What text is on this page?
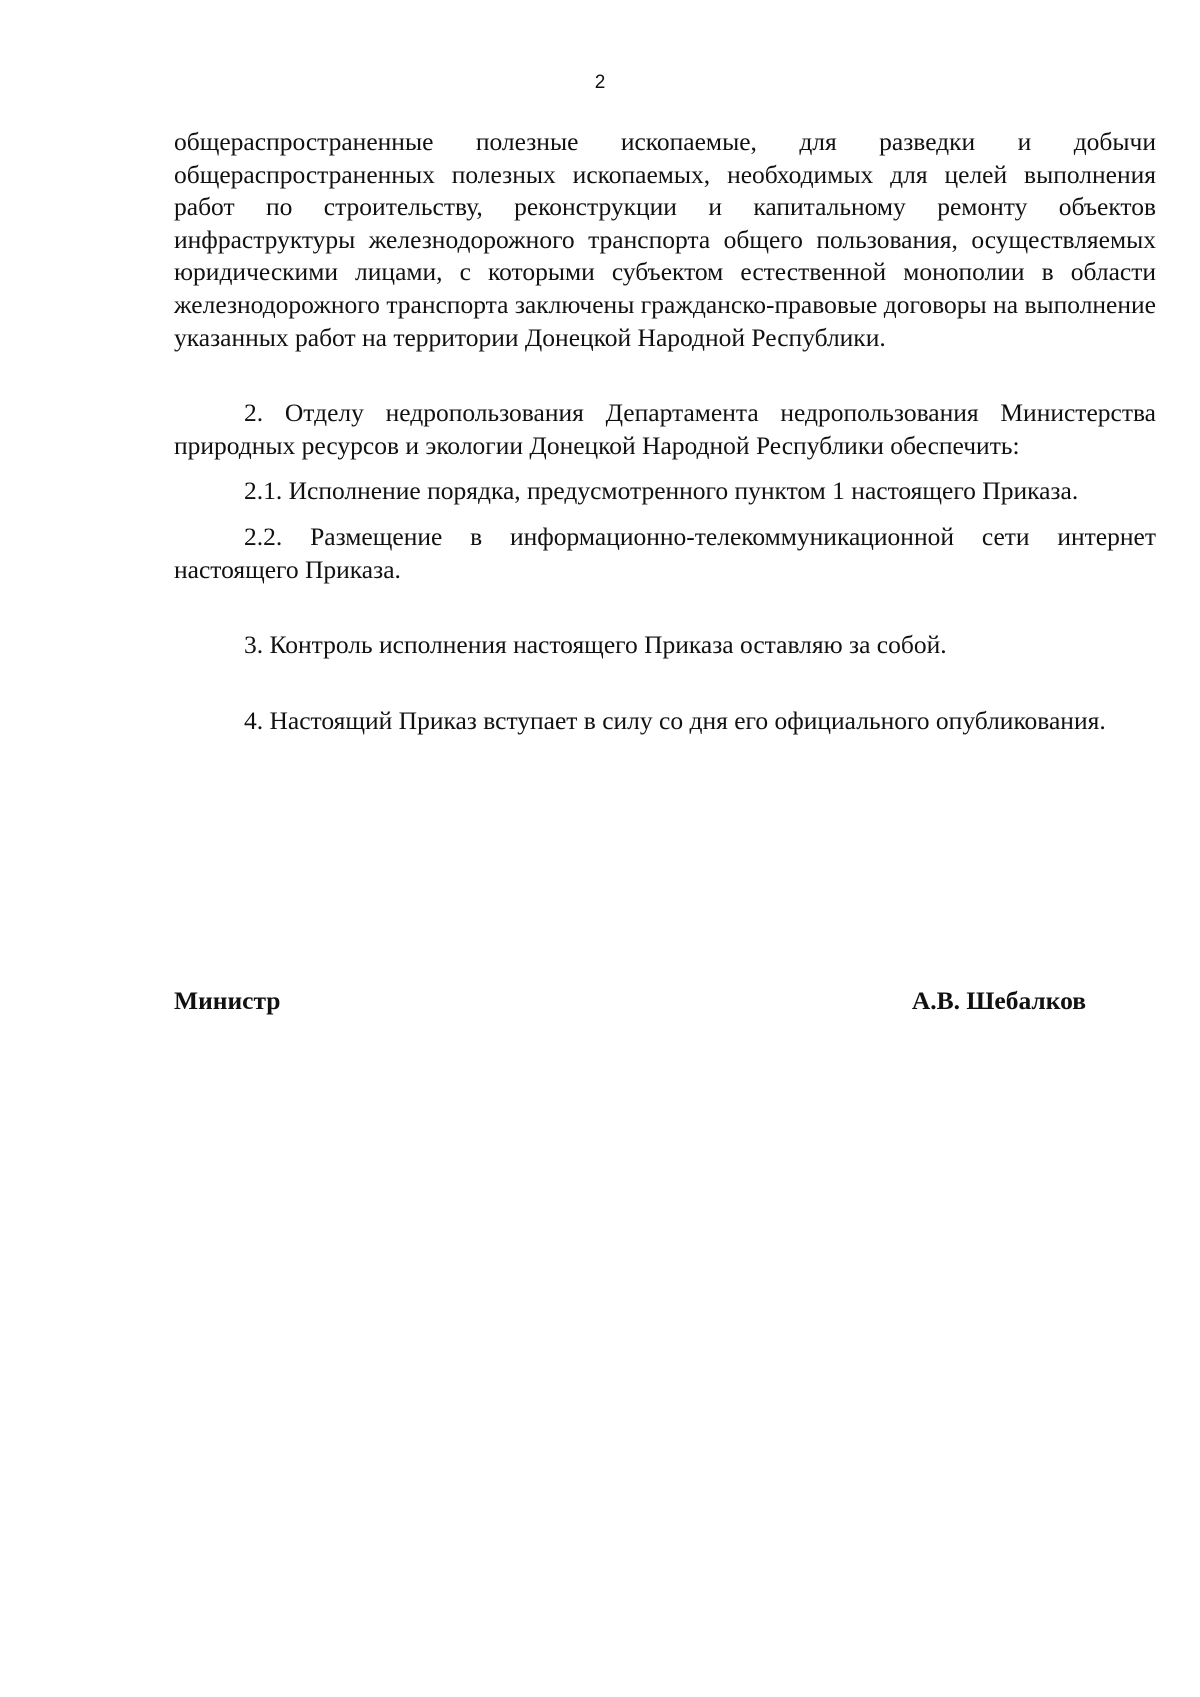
2

общераспространенные полезные ископаемые, для разведки и добычи общераспространенных полезных ископаемых, необходимых для целей выполнения работ по строительству, реконструкции и капитальному ремонту объектов инфраструктуры железнодорожного транспорта общего пользования, осуществляемых юридическими лицами, с которыми субъектом естественной монополии в области железнодорожного транспорта заключены гражданско-правовые договоры на выполнение указанных работ на территории Донецкой Народной Республики.

2. Отделу недропользования Департамента недропользования Министерства природных ресурсов и экологии Донецкой Народной Республики обеспечить:

2.1. Исполнение порядка, предусмотренного пунктом 1 настоящего Приказа.

2.2. Размещение в информационно-телекоммуникационной сети интернет настоящего Приказа.

3. Контроль исполнения настоящего Приказа оставляю за собой.

4. Настоящий Приказ вступает в силу со дня его официального опубликования.

Министр	А.В. Шебалков
